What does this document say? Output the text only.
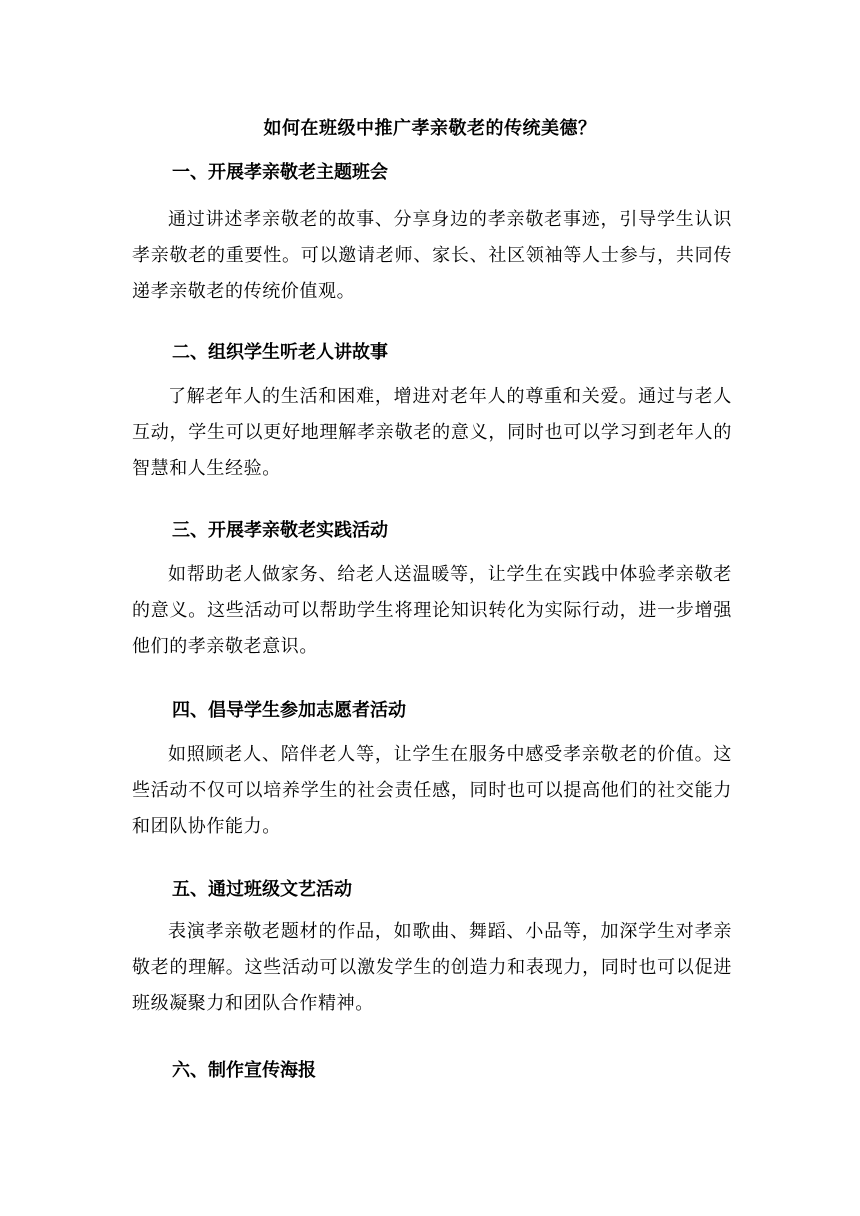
如何在班级中推广孝亲敬老的传统美德？
一、开展孝亲敬老主题班会
通过讲述孝亲敬老的故事、分享身边的孝亲敬老事迹，引导学生认识孝亲敬老的重要性。可以邀请老师、家长、社区领袖等人士参与，共同传递孝亲敬老的传统价值观。
二、组织学生听老人讲故事
了解老年人的生活和困难，增进对老年人的尊重和关爱。通过与老人互动，学生可以更好地理解孝亲敬老的意义，同时也可以学习到老年人的智慧和人生经验。
三、开展孝亲敬老实践活动
如帮助老人做家务、给老人送温暖等，让学生在实践中体验孝亲敬老的意义。这些活动可以帮助学生将理论知识转化为实际行动，进一步增强他们的孝亲敬老意识。
四、倡导学生参加志愿者活动
如照顾老人、陪伴老人等，让学生在服务中感受孝亲敬老的价值。这些活动不仅可以培养学生的社会责任感，同时也可以提高他们的社交能力和团队协作能力。
五、通过班级文艺活动
表演孝亲敬老题材的作品，如歌曲、舞蹈、小品等，加深学生对孝亲敬老的理解。这些活动可以激发学生的创造力和表现力，同时也可以促进班级凝聚力和团队合作精神。
六、制作宣传海报
